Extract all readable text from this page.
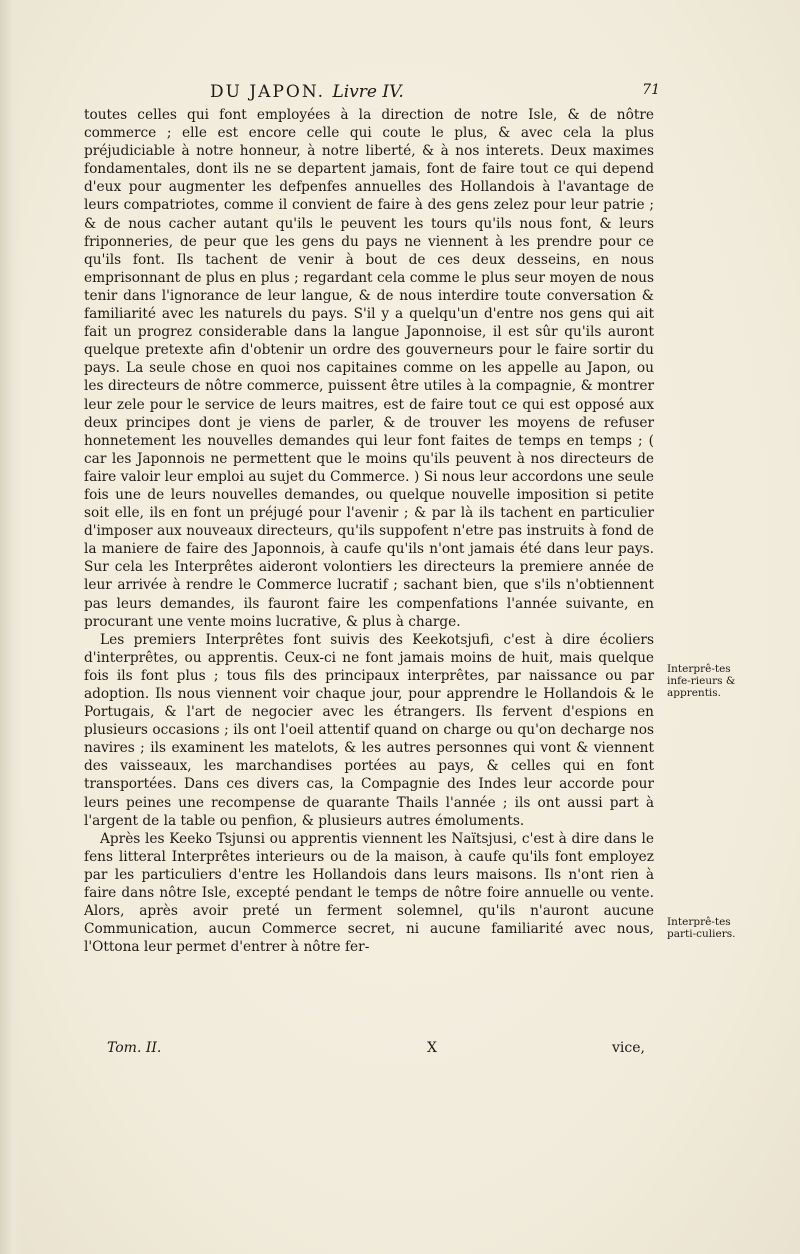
DU JAPON. Livre IV.	71

toutes celles qui font employées à la direction de notre Isle, & de nôtre commerce ; elle est encore celle qui coute le plus, & avec cela la plus préjudiciable à notre honneur, à notre liberté, & à nos interets. Deux maximes fondamentales, dont ils ne se departent jamais, font de faire tout ce qui depend d'eux pour augmenter les defpenfes annuelles des Hollandois à l'avantage de leurs compatriotes, comme il convient de faire à des gens zelez pour leur patrie ; & de nous cacher autant qu'ils le peuvent les tours qu'ils nous font, & leurs friponneries, de peur que les gens du pays ne viennent à les prendre pour ce qu'ils font. Ils tachent de venir à bout de ces deux desseins, en nous emprisonnant de plus en plus ; regardant cela comme le plus seur moyen de nous tenir dans l'ignorance de leur langue, & de nous interdire toute conversation & familiarité avec les naturels du pays. S'il y a quelqu'un d'entre nos gens qui ait fait un progrez considerable dans la langue Japonnoise, il est sûr qu'ils auront quelque pretexte afin d'obtenir un ordre des gouverneurs pour le faire sortir du pays. La seule chose en quoi nos capitaines comme on les appelle au Japon, ou les directeurs de nôtre commerce, puissent être utiles à la compagnie, & montrer leur zele pour le service de leurs maitres, est de faire tout ce qui est opposé aux deux principes dont je viens de parler, & de trouver les moyens de refuser honnetement les nouvelles demandes qui leur font faites de temps en temps ; ( car les Japonnois ne permettent que le moins qu'ils peuvent à nos directeurs de faire valoir leur emploi au sujet du Commerce. ) Si nous leur accordons une seule fois une de leurs nouvelles demandes, ou quelque nouvelle imposition si petite soit elle, ils en font un préjugé pour l'avenir ; & par là ils tachent en particulier d'imposer aux nouveaux directeurs, qu'ils suppofent n'etre pas instruits à fond de la maniere de faire des Japonnois, à caufe qu'ils n'ont jamais été dans leur pays. Sur cela les Interprêtes aideront volontiers les directeurs la premiere année de leur arrivée à rendre le Commerce lucratif ; sachant bien, que s'ils n'obtiennent pas leurs demandes, ils fauront faire les compenfations l'année suivante, en procurant une vente moins lucrative, & plus à charge.

Les premiers Interprêtes font suivis des Keekotsjufi, c'est à dire écoliers d'interprêtes, ou apprentis. Ceux-ci ne font jamais moins de huit, mais quelque fois ils font plus ; tous fils des principaux interprêtes, par naissance ou par adoption. Ils nous viennent voir chaque jour, pour apprendre le Hollandois & le Portugais, & l'art de negocier avec les étrangers. Ils fervent d'espions en plusieurs occasions ; ils ont l'oeil attentif quand on charge ou qu'on decharge nos navires ; ils examinent les matelots, & les autres personnes qui vont & viennent des vaisseaux, les marchandises portées au pays, & celles qui en font transportées. Dans ces divers cas, la Compagnie des Indes leur accorde pour leurs peines une recompense de quarante Thails l'année ; ils ont aussi part à l'argent de la table ou penfion, & plusieurs autres émoluments.

Après les Keeko Tsjunsi ou apprentis viennent les Naïtsjusi, c'est à dire dans le fens litteral Interprêtes interieurs ou de la maison, à caufe qu'ils font employez par les particuliers d'entre les Hollandois dans leurs maisons. Ils n'ont rien à faire dans nôtre Isle, excepté pendant le temps de nôtre foire annuelle ou vente. Alors, après avoir preté un ferment solemnel, qu'ils n'auront aucune Communication, aucun Commerce secret, ni aucune familiarité avec nous, l'Ottona leur permet d'entrer à nôtre fer-

Interprê-tes infe-rieurs & apprentis.
Interprê-tes parti-culiers.
Tom. II.	X	vice,
